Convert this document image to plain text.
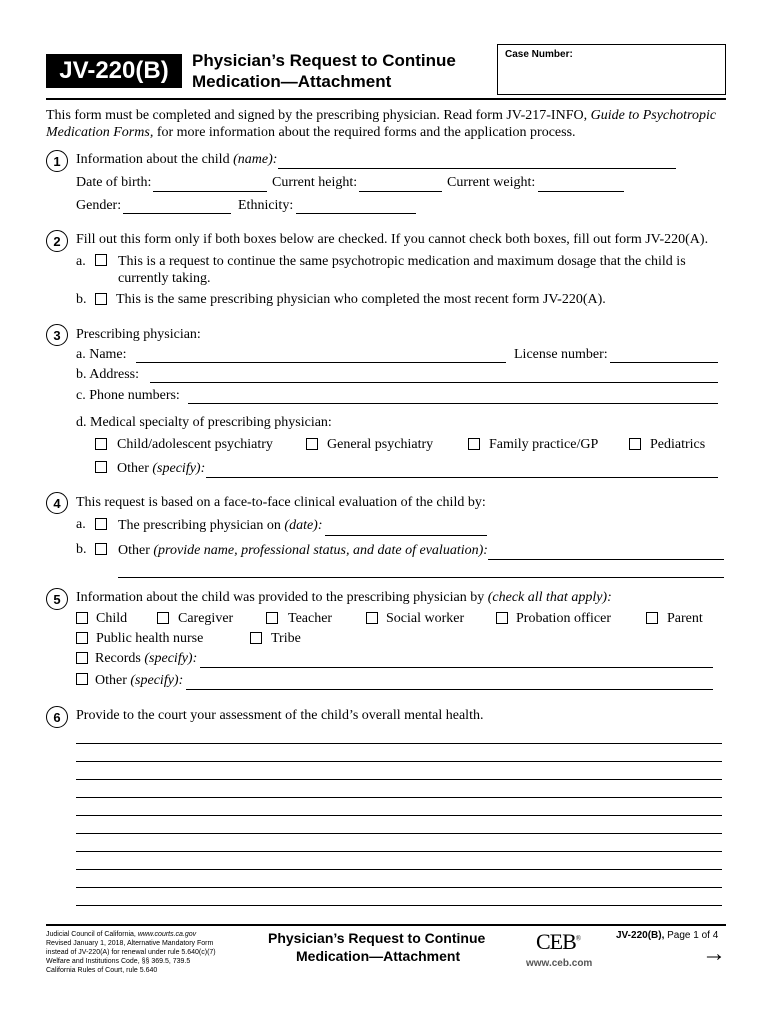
JV-220(B)	Physician’s Request to Continue
Medication—Attachment
Case Number:
This form must be completed and signed by the prescribing physician. Read form JV-217-INFO, Guide to Psychotropic
Medication Forms, for more information about the required forms and the application process.
1	Information about the child (name):
Date of birth:	Current height:	Current weight:
Gender:	Ethnicity:
2	Fill out this form only if both boxes below are checked. If you cannot check both boxes, fill out form JV-220(A).
a. This is a request to continue the same psychotropic medication and maximum dosage that the child is
currently taking.
b. This is the same prescribing physician who completed the most recent form JV-220(A).
3	Prescribing physician:
a. Name:	License number:
b. Address:
c. Phone numbers:
d. Medical specialty of prescribing physician:
Child/adolescent psychiatry	General psychiatry	Family practice/GP	Pediatrics
Other (specify):
4	This request is based on a face-to-face clinical evaluation of the child by:
a. The prescribing physician on (date):
b. Other (provide name, professional status, and date of evaluation):
5	Information about the child was provided to the prescribing physician by (check all that apply):
Child	Caregiver	Teacher	Social worker	Probation officer	Parent
Public health nurse	Tribe
Records (specify):
Other (specify):
6	Provide to the court your assessment of the child’s overall mental health.
Judicial Council of California, www.courts.ca.gov
Revised January 1, 2018, Alternative Mandatory Form
instead of JV-220(A) for renewal under rule 5.640(c)(7)
Welfare and Institutions Code, §§ 369.5, 739.5
California Rules of Court, rule 5.640
Physician’s Request to Continue
Medication—Attachment
CEB®
www.ceb.com
JV-220(B), Page 1 of 4
→
